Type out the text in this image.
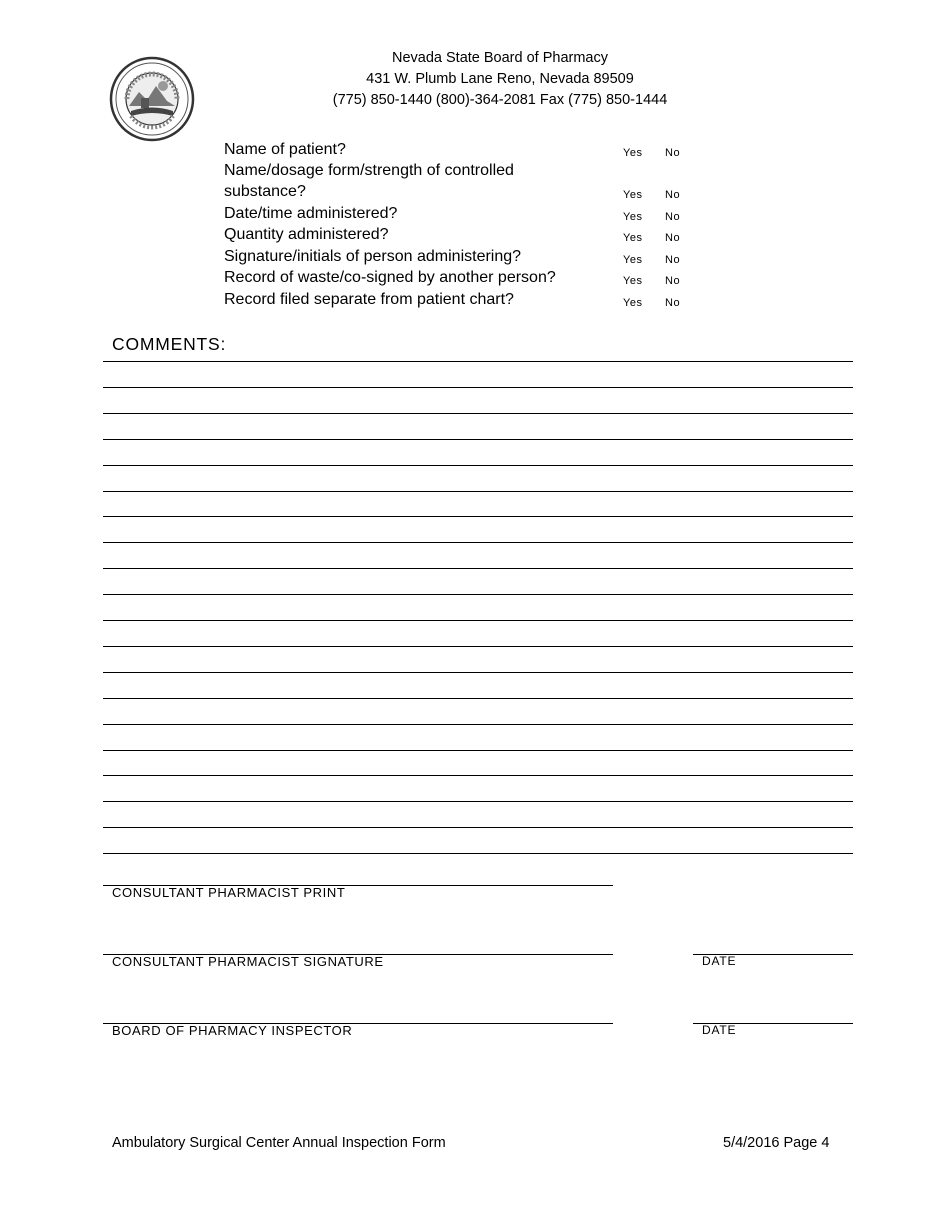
Nevada State Board of Pharmacy
431 W. Plumb Lane Reno, Nevada 89509
(775) 850-1440 (800)-364-2081 Fax (775) 850-1444
Name of patient?	Yes No
Name/dosage form/strength of controlled
substance?	Yes No
Date/time administered?	Yes No
Quantity administered?	Yes No
Signature/initials of person administering?	Yes No
Record of waste/co-signed by another person?	Yes No
Record filed separate from patient chart?	Yes No
COMMENTS:
CONSULTANT PHARMACIST PRINT
CONSULTANT PHARMACIST SIGNATURE	DATE
BOARD OF PHARMACY INSPECTOR	DATE
Ambulatory Surgical Center Annual Inspection Form	5/4/2016 Page 4
